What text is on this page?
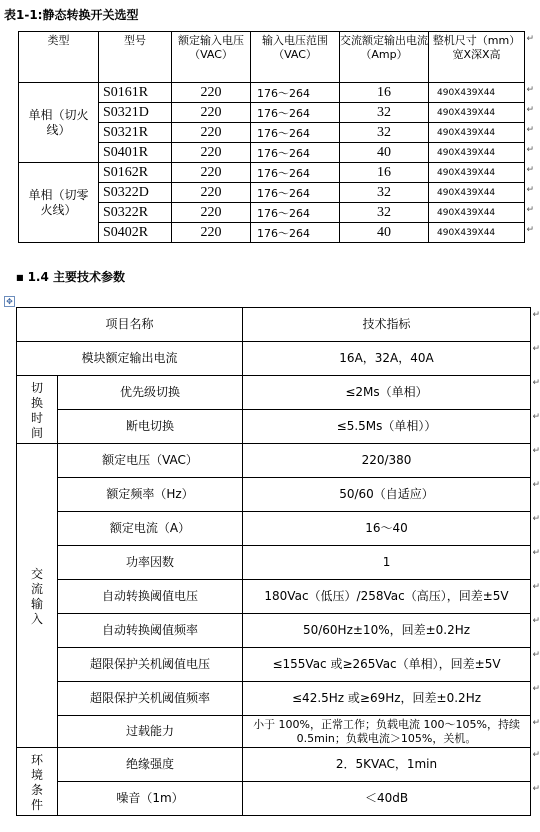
表1-1:静态转换开关选型
类型	型号	额定输入电压（VAC）	输入电压范围（VAC）	交流额定输出电流（Amp）	整机尺寸（mm）宽X深X高
单相（切火线）	S0161R	220	176～264	16	490X439X44
	S0321D	220	176～264	32	490X439X44
	S0321R	220	176～264	32	490X439X44
	S0401R	220	176～264	40	490X439X44
单相（切零火线）	S0162R	220	176～264	16	490X439X44
	S0322D	220	176～264	32	490X439X44
	S0322R	220	176～264	32	490X439X44
	S0402R	220	176～264	40	490X439X44
■ 1.4 主要技术参数
✥
项目名称		技术指标
模块额定输出电流		16A，32A，40A

切
换
时
间	优先级切换	≤2Ms（单相）
	断电切换	≤5.5Ms（单相））

交
流
输
入	额定电压（VAC）	220/380
	额定频率（Hz）	50/60（自适应）
	额定电流（A）	16～40
	功率因数	1
	自动转换阈值电压	180Vac（低压）/258Vac（高压），回差±5V
	自动转换阈值频率	50/60Hz±10%，回差±0.2Hz
	超限保护关机阈值电压	≤155Vac 或≥265Vac（单相），回差±5V
	超限保护关机阈值频率	≤42.5Hz 或≥69Hz，回差±0.2Hz
	过载能力	小于 100%，正常工作；负载电流 100～105%，持续 0.5min；负载电流＞105%，关机。

环
境
条
件	绝缘强度	2．5KVAC，1min
	噪音（1m）	＜40dB
↵
↵
↵
↵
↵
↵
↵
↵
↵
↵
↵
↵
↵
↵
↵
↵
↵
↵
↵
↵
↵
↵
↵
↵
